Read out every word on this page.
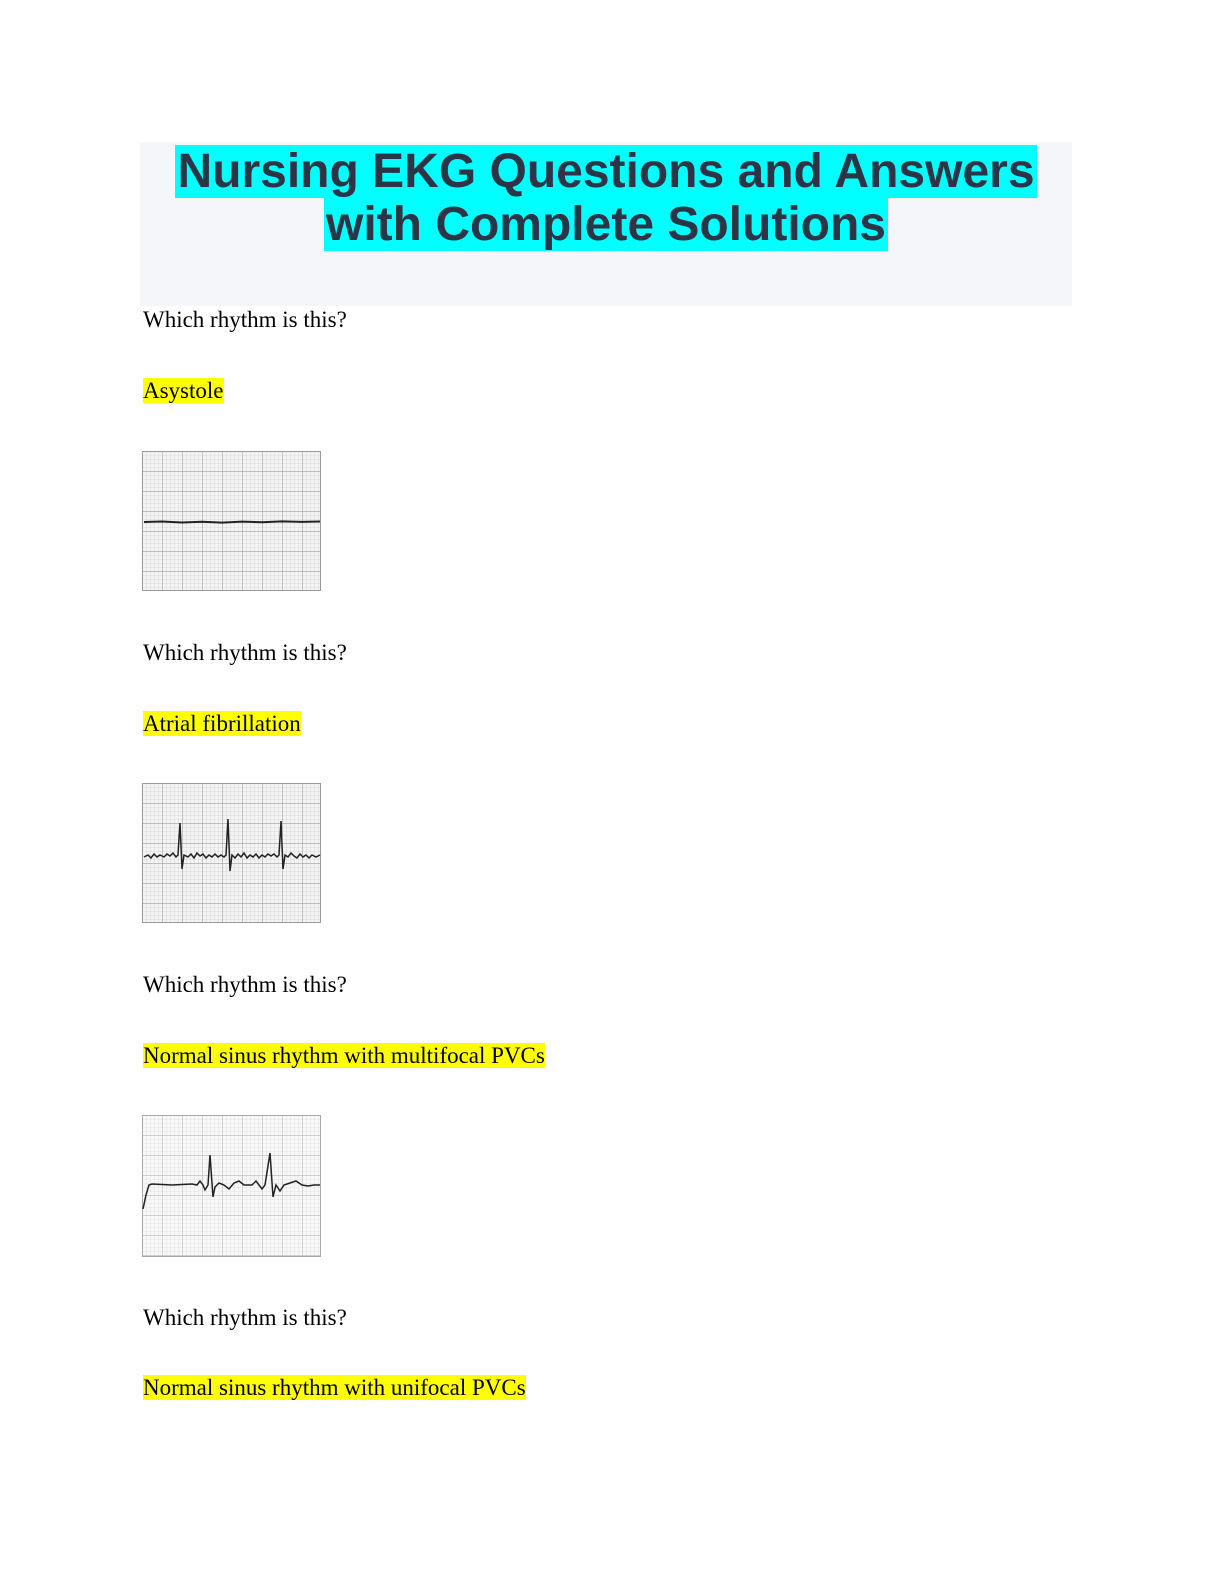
Nursing EKG Questions and Answers
with Complete Solutions
Which rhythm is this?
Asystole
Which rhythm is this?
Atrial fibrillation
Which rhythm is this?
Normal sinus rhythm with multifocal PVCs
Which rhythm is this?
Normal sinus rhythm with unifocal PVCs
